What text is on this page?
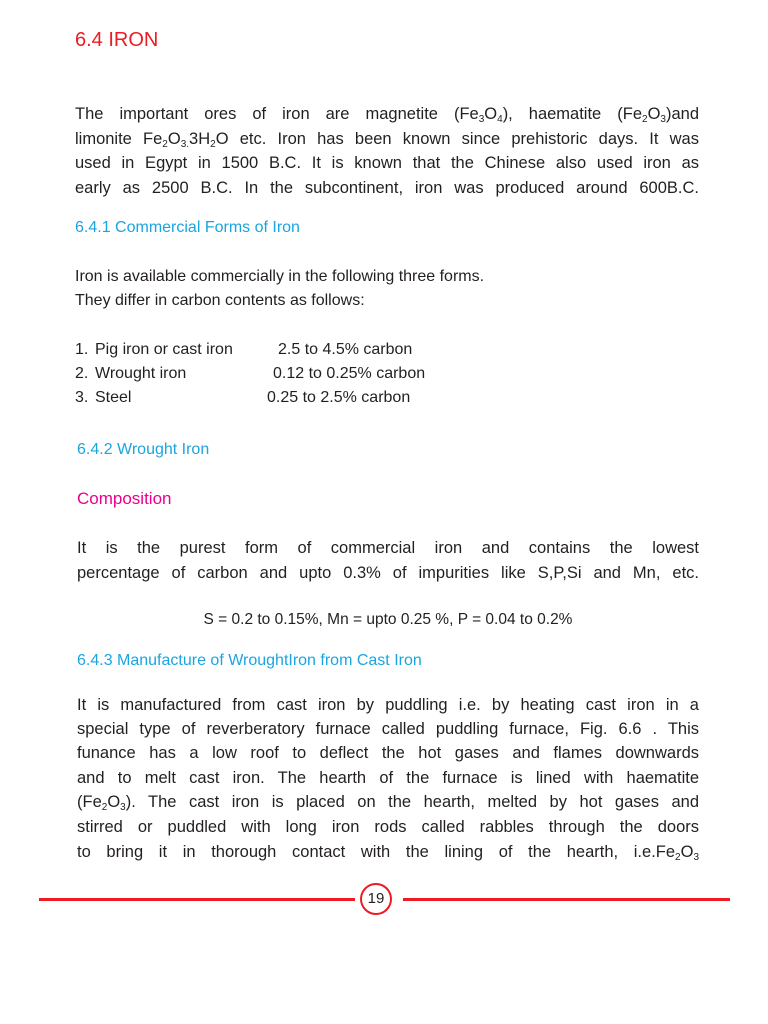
6.4 IRON
The important ores of iron are magnetite $(Fe_3O_4)$, haematite $(Fe_2O_3)and$
limonite $Fe_2O_{3.}3H_2O$ etc. Iron has been known since prehistoric days. It was
used in Egypt in 1500 B.C. It is known that the Chinese also used iron as
early as 2500 B.C. In the subcontinent, iron was produced around 600B.C.
6.4.1 Commercial Forms of Iron
Iron is available commercially in the following three forms.
They differ in carbon contents as follows:
1. Pig iron or cast iron	2.5 to 4.5% carbon
2. Wrought iron	0.12 to 0.25% carbon
3. Steel	0.25 to 2.5% carbon
6.4.2 Wrought Iron
Composition
It is the purest form of commercial iron and contains the lowest
percentage of carbon and upto 0.3% of impurities like S,P,Si and Mn, etc.
S = 0.2 to 0.15%, Mn = upto 0.25 %, P = 0.04 to 0.2%
6.4.3 Manufacture of WroughtIron from Cast Iron
It is manufactured from cast iron by puddling i.e. by heating cast iron in a
special type of reverberatory furnace called puddling furnace, Fig. 6.6 . This
funance has a low roof to deflect the hot gases and flames downwards
and to melt cast iron. The hearth of the furnace is lined with haematite
$(Fe_2O_3)$. The cast iron is placed on the hearth, melted by hot gases and
stirred or puddled with long iron rods called rabbles through the doors
to bring it in thorough contact with the lining of the hearth, $i.e.Fe_2O_3$
19
